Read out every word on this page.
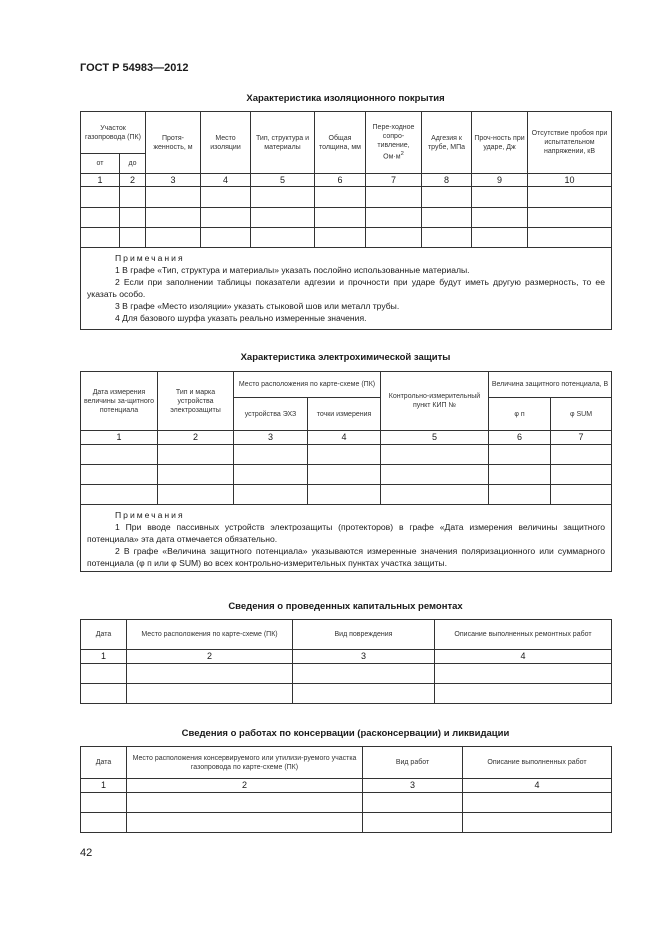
ГОСТ Р 54983—2012
Характеристика изоляционного покрытия
Участок газопровода (ПК)		Протя-женность, м	Место изоляции	Тип, структура и материалы	Общая толщина, мм	Пере-ходное сопро-тивление, $Ом\cdot м^2$	Адгезия к трубе, МПа	Проч-ность при ударе, Дж	Отсутствие пробоя при испытательном напряжении, кВ
от	до								
1	2	3	4	5	6	7	8	9	10

Примечания
1 В графе «Тип, структура и материалы» указать послойно использованные материалы.
2 Если при заполнении таблицы показатели адгезии и прочности при ударе будут иметь другую размерность, то ее указать особо.
3 В графе «Место изоляции» указать стыковой шов или металл трубы.
4 Для базового шурфа указать реально измеренные значения.									
Характеристика электрохимической защиты
Дата измерения величины за-щитного потенциала	Тип и марка устройства электрозащиты	Место расположения по карте-схеме (ПК)		Контрольно-измерительный пункт КИП №	Величина защитного потенциала, В	
		устройства ЭХЗ	точки измерения		φ п	φ SUM
1	2	3	4	5	6	7

Примечания
1 При вводе пассивных устройств электрозащиты (протекторов) в графе «Дата измерения величины защитного потенциала» эта дата отмечается обязательно.
2 В графе «Величина защитного потенциала» указываются измеренные значения поляризационного или суммарного потенциала (φ п или φ SUM) во всех контрольно-измерительных пунктах участка защиты.						
Сведения о проведенных капитальных ремонтах
Дата	Место расположения по карте-схеме (ПК)	Вид повреждения	Описание выполненных ремонтных работ
1	2	3	4

Сведения о работах по консервации (расконсервации) и ликвидации
Дата	Место расположения консервируемого или утилизи-руемого участка газопровода по карте-схеме (ПК)	Вид работ	Описание выполненных работ
1	2	3	4

42
